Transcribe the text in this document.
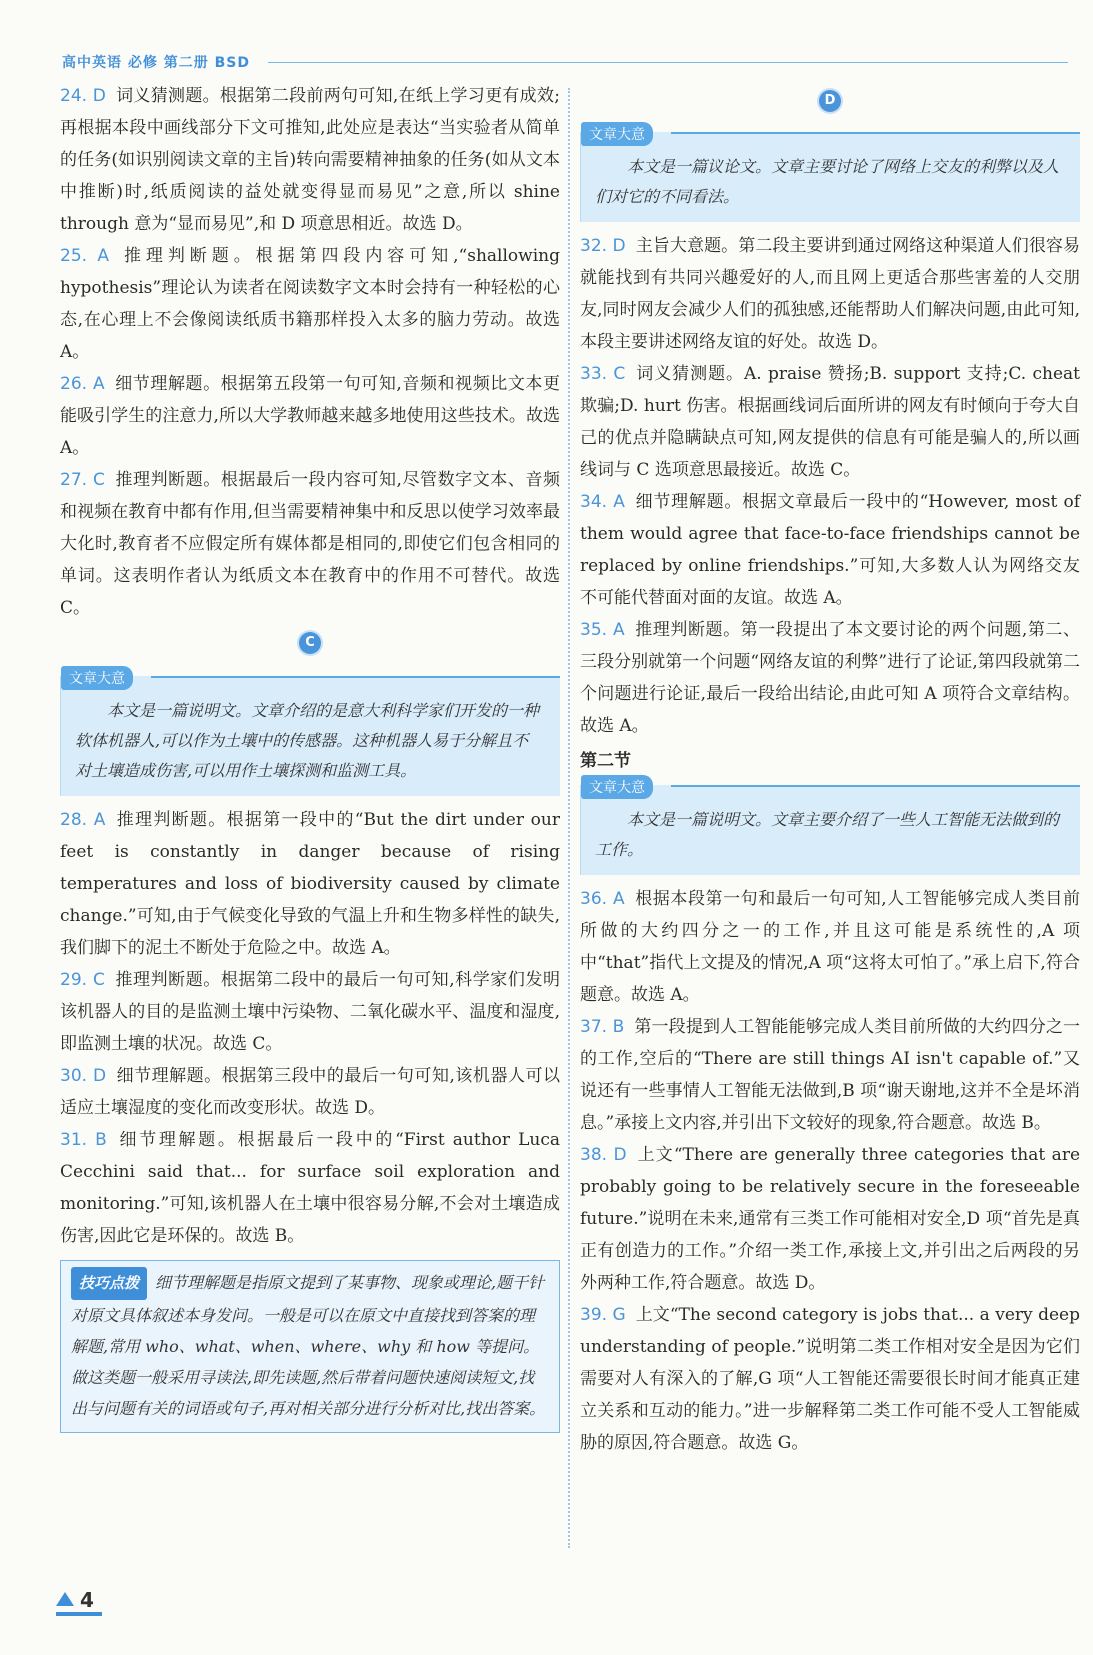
高中英语 必修 第二册 BSD

24. D 词义猜测题。根据第二段前两句可知,在纸上学习更有成效;再根据本段中画线部分下文可推知,此处应是表达“当实验者从简单的任务(如识别阅读文章的主旨)转向需要精神抽象的任务(如从文本中推断)时,纸质阅读的益处就变得显而易见”之意,所以 shine through 意为“显而易见”,和 D 项意思相近。故选 D。

25. A 推理判断题。根据第四段内容可知,“shallowing hypothesis”理论认为读者在阅读数字文本时会持有一种轻松的心态,在心理上不会像阅读纸质书籍那样投入太多的脑力劳动。故选 A。

26. A 细节理解题。根据第五段第一句可知,音频和视频比文本更能吸引学生的注意力,所以大学教师越来越多地使用这些技术。故选 A。

27. C 推理判断题。根据最后一段内容可知,尽管数字文本、音频和视频在教育中都有作用,但当需要精神集中和反思以使学习效率最大化时,教育者不应假定所有媒体都是相同的,即使它们包含相同的单词。这表明作者认为纸质文本在教育中的作用不可替代。故选 C。

C
文章大意

本文是一篇说明文。文章介绍的是意大利科学家们开发的一种软体机器人,可以作为土壤中的传感器。这种机器人易于分解且不对土壤造成伤害,可以用作土壤探测和监测工具。

28. A 推理判断题。根据第一段中的“But the dirt under our feet is constantly in danger because of rising temperatures and loss of biodiversity caused by climate change.”可知,由于气候变化导致的气温上升和生物多样性的缺失,我们脚下的泥土不断处于危险之中。故选 A。

29. C 推理判断题。根据第二段中的最后一句可知,科学家们发明该机器人的目的是监测土壤中污染物、二氧化碳水平、温度和湿度,即监测土壤的状况。故选 C。

30. D 细节理解题。根据第三段中的最后一句可知,该机器人可以适应土壤湿度的变化而改变形状。故选 D。

31. B 细节理解题。根据最后一段中的“First author Luca Cecchini said that... for surface soil exploration and monitoring.”可知,该机器人在土壤中很容易分解,不会对土壤造成伤害,因此它是环保的。故选 B。

技巧点拨 细节理解题是指原文提到了某事物、现象或理论,题干针对原文具体叙述本身发问。一般是可以在原文中直接找到答案的理解题,常用 who、what、when、where、why 和 how 等提问。做这类题一般采用寻读法,即先读题,然后带着问题快速阅读短文,找出与问题有关的词语或句子,再对相关部分进行分析对比,找出答案。

D
文章大意

本文是一篇议论文。文章主要讨论了网络上交友的利弊以及人们对它的不同看法。

32. D 主旨大意题。第二段主要讲到通过网络这种渠道人们很容易就能找到有共同兴趣爱好的人,而且网上更适合那些害羞的人交朋友,同时网友会减少人们的孤独感,还能帮助人们解决问题,由此可知,本段主要讲述网络友谊的好处。故选 D。

33. C 词义猜测题。A. praise 赞扬;B. support 支持;C. cheat 欺骗;D. hurt 伤害。根据画线词后面所讲的网友有时倾向于夸大自己的优点并隐瞒缺点可知,网友提供的信息有可能是骗人的,所以画线词与 C 选项意思最接近。故选 C。

34. A 细节理解题。根据文章最后一段中的“However, most of them would agree that face-to-face friendships cannot be replaced by online friendships.”可知,大多数人认为网络交友不可能代替面对面的友谊。故选 A。

35. A 推理判断题。第一段提出了本文要讨论的两个问题,第二、三段分别就第一个问题“网络友谊的利弊”进行了论证,第四段就第二个问题进行论证,最后一段给出结论,由此可知 A 项符合文章结构。故选 A。

第二节
文章大意

本文是一篇说明文。文章主要介绍了一些人工智能无法做到的工作。

36. A 根据本段第一句和最后一句可知,人工智能够完成人类目前所做的大约四分之一的工作,并且这可能是系统性的,A 项中“that”指代上文提及的情况,A 项“这将太可怕了。”承上启下,符合题意。故选 A。

37. B 第一段提到人工智能能够完成人类目前所做的大约四分之一的工作,空后的“There are still things AI isn't capable of.”又说还有一些事情人工智能无法做到,B 项“谢天谢地,这并不全是坏消息。”承接上文内容,并引出下文较好的现象,符合题意。故选 B。

38. D 上文“There are generally three categories that are probably going to be relatively secure in the foreseeable future.”说明在未来,通常有三类工作可能相对安全,D 项“首先是真正有创造力的工作。”介绍一类工作,承接上文,并引出之后两段的另外两种工作,符合题意。故选 D。

39. G 上文“The second category is jobs that... a very deep understanding of people.”说明第二类工作相对安全是因为它们需要对人有深入的了解,G 项“人工智能还需要很长时间才能真正建立关系和互动的能力。”进一步解释第二类工作可能不受人工智能威胁的原因,符合题意。故选 G。

4
